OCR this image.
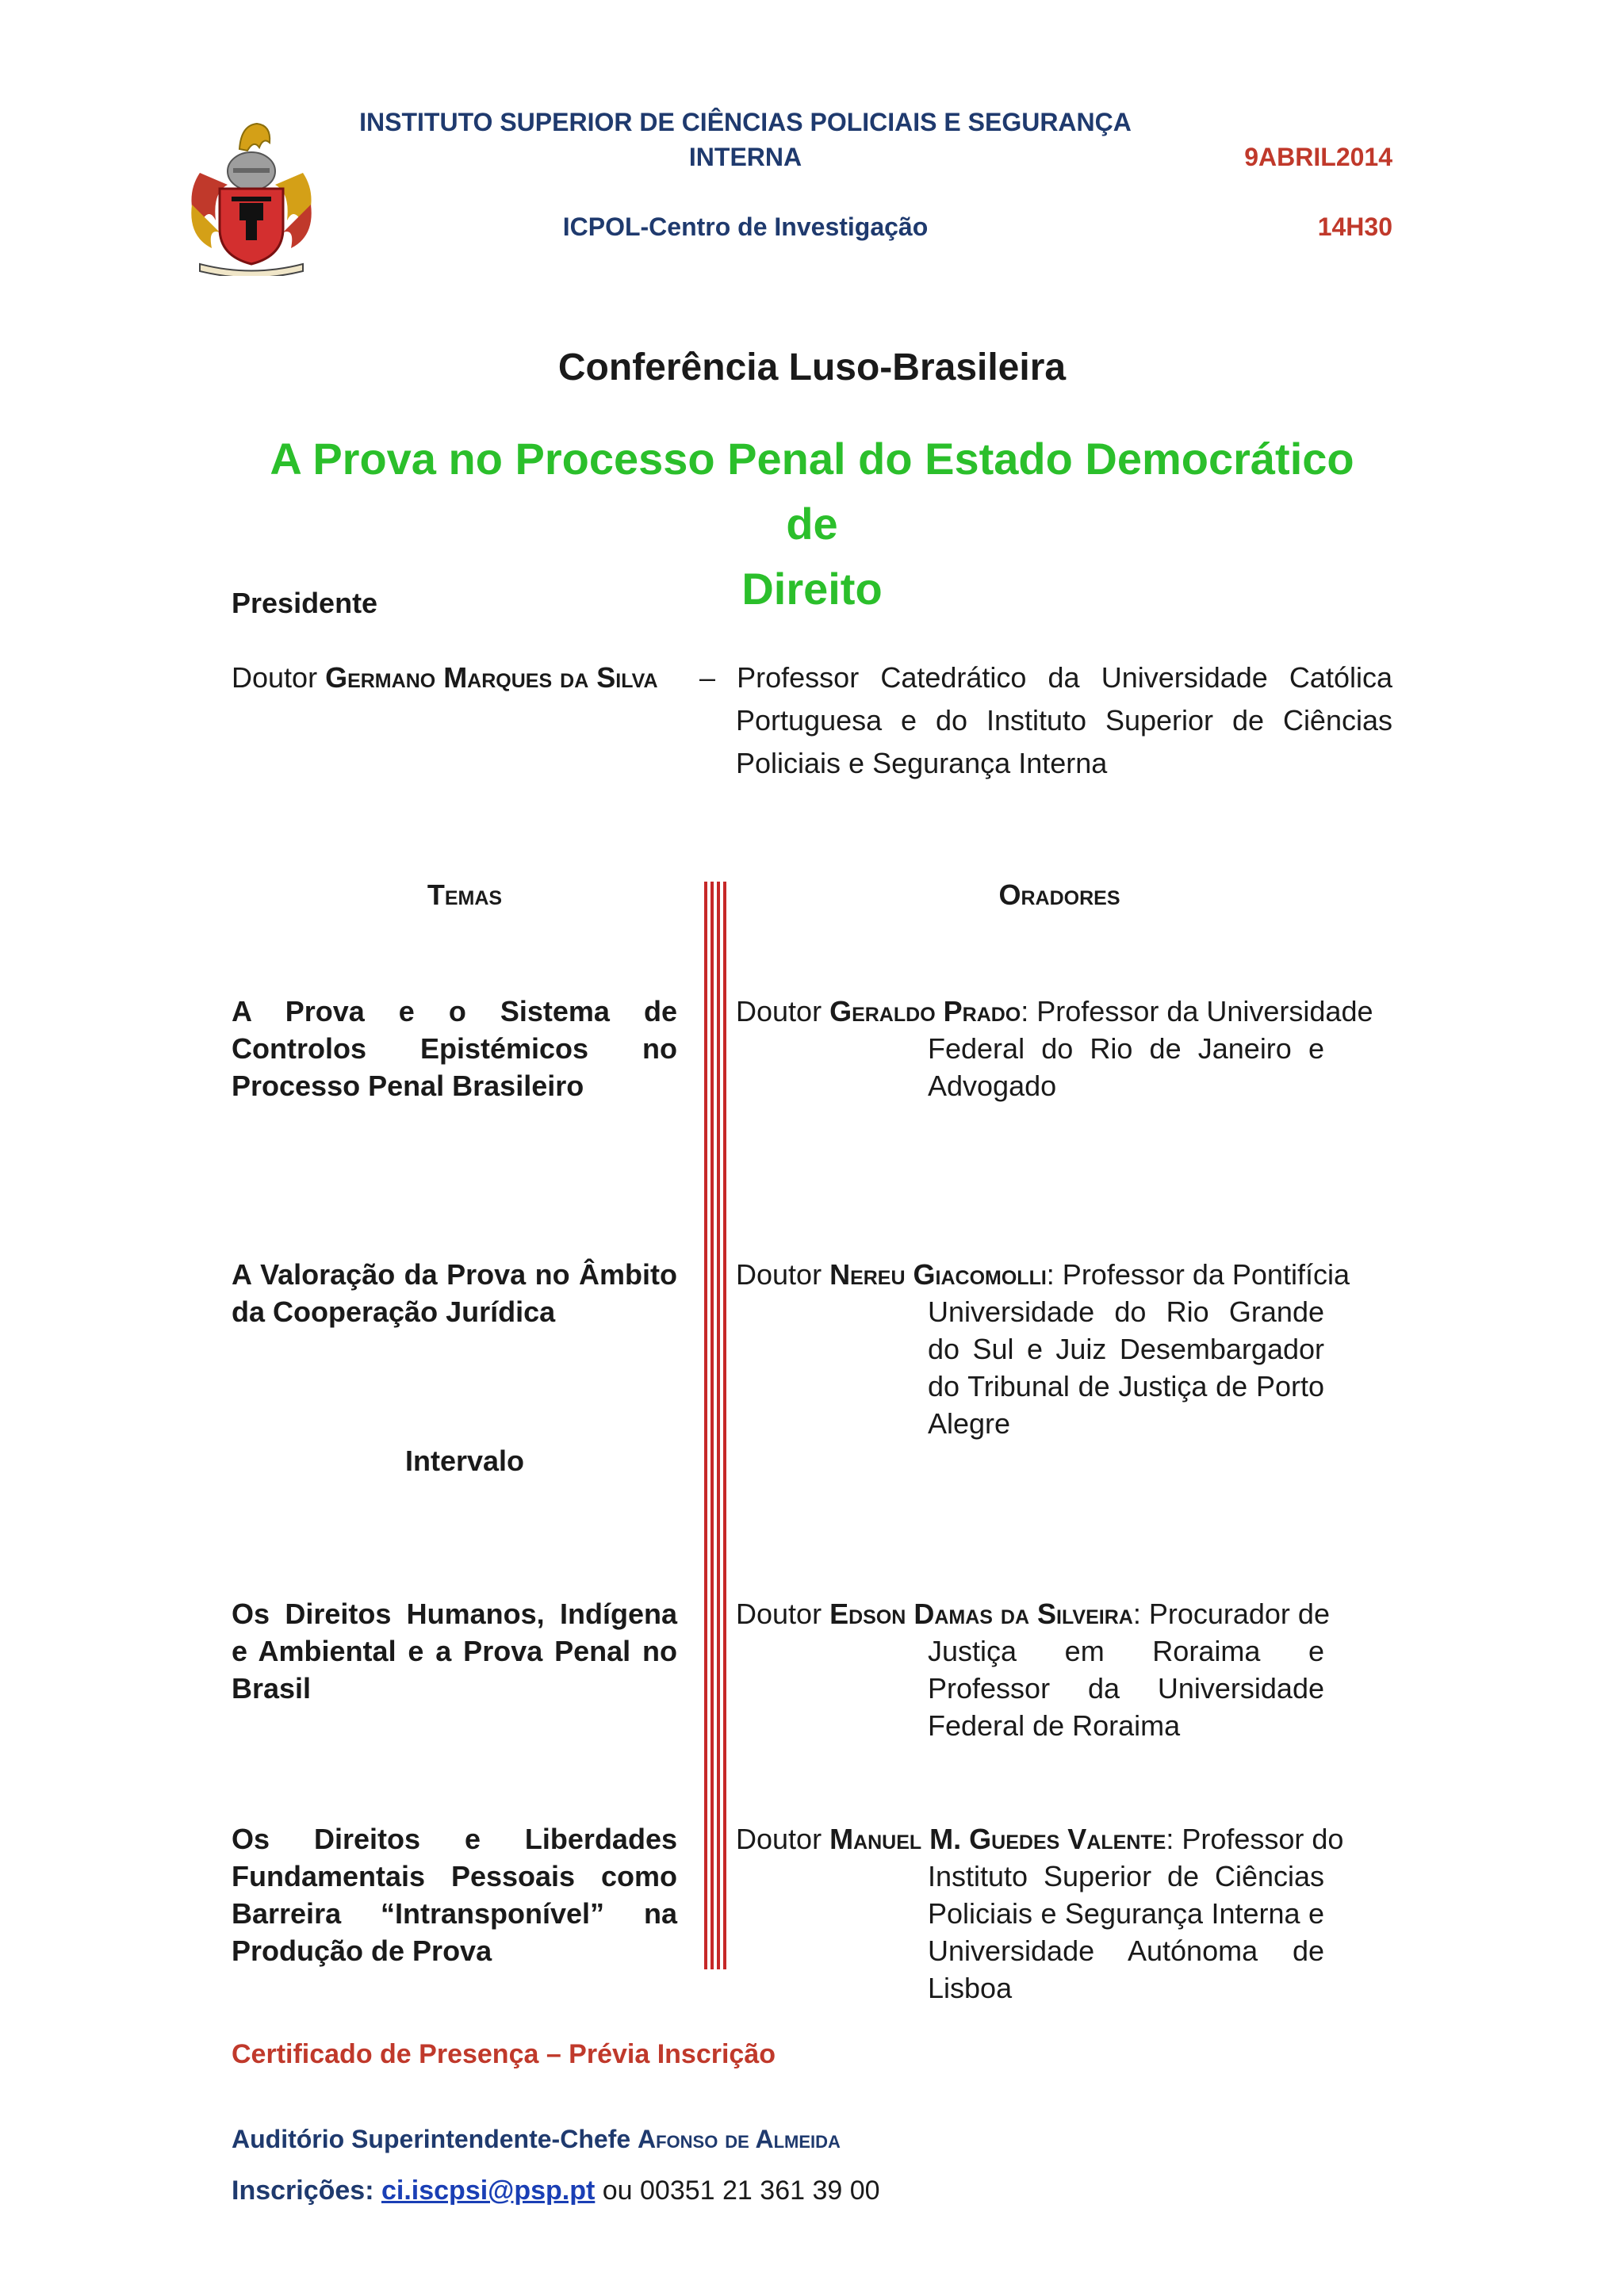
INSTITUTO SUPERIOR DE CIÊNCIAS POLICIAIS E SEGURANÇA
INTERNA	9ABRIL2014
ICPOL-Centro de Investigação	14H30
Conferência Luso-Brasileira
A Prova no Processo Penal do Estado Democrático de
Direito
Presidente
Doutor Germano Marques da Silva – Professor Catedrático da Universidade Católica Portuguesa e do Instituto Superior de Ciências Policiais e Segurança Interna
Temas	Oradores
A Prova e o Sistema de Controlos Epistémicos no Processo Penal Brasileiro
Doutor Geraldo Prado: Professor da Universidade
Federal do Rio de Janeiro e Advogado
A Valoração da Prova no Âmbito da Cooperação Jurídica
Doutor Nereu Giacomolli: Professor da Pontifícia
Universidade do Rio Grande do Sul e Juiz Desembargador do Tribunal de Justiça de Porto Alegre
Intervalo
Os Direitos Humanos, Indígena e Ambiental e a Prova Penal no Brasil
Doutor Edson Damas da Silveira: Procurador de
Justiça em Roraima e Professor da Universidade Federal de Roraima
Os Direitos e Liberdades Fundamentais Pessoais como Barreira “Intransponível” na Produção de Prova
Doutor Manuel M. Guedes Valente: Professor do
Instituto Superior de Ciências Policiais e Segurança Interna e Universidade Autónoma de Lisboa
Certificado de Presença – Prévia Inscrição
Auditório Superintendente-Chefe Afonso de Almeida
Inscrições: ci.iscpsi@psp.pt ou 00351 21 361 39 00
